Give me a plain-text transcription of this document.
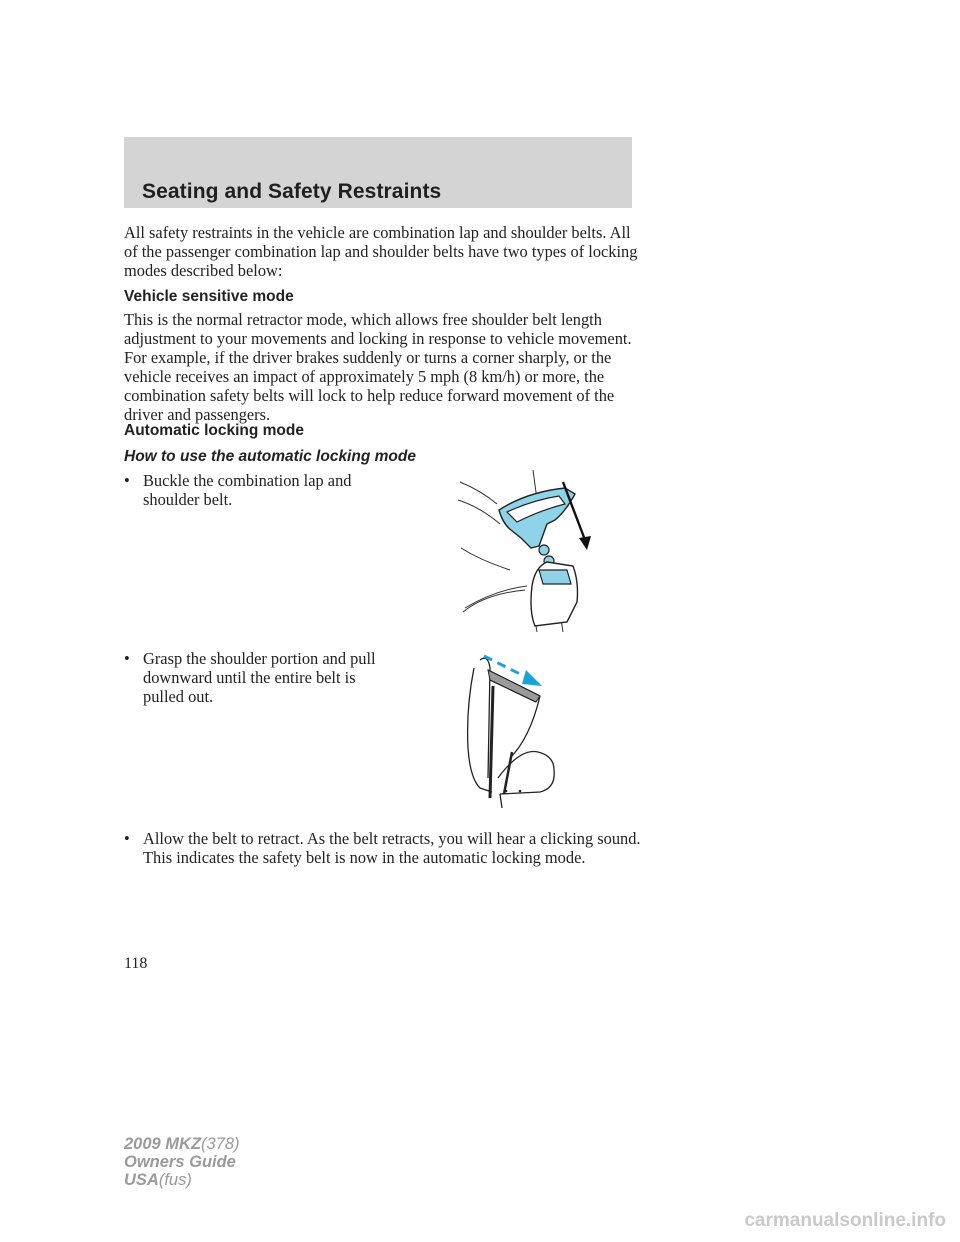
Seating and Safety Restraints

All safety restraints in the vehicle are combination lap and shoulder belts. All of the passenger combination lap and shoulder belts have two types of locking modes described below:

Vehicle sensitive mode

This is the normal retractor mode, which allows free shoulder belt length adjustment to your movements and locking in response to vehicle movement. For example, if the driver brakes suddenly or turns a corner sharply, or the vehicle receives an impact of approximately 5 mph (8 km/h) or more, the combination safety belts will lock to help reduce forward movement of the driver and passengers.

Automatic locking mode
How to use the automatic locking mode

• Buckle the combination lap and shoulder belt.

• Grasp the shoulder portion and pull downward until the entire belt is pulled out.

• Allow the belt to retract. As the belt retracts, you will hear a clicking sound. This indicates the safety belt is now in the automatic locking mode.

118

2009 MKZ(378)
Owners Guide
USA(fus)

carmanualsonline.info
